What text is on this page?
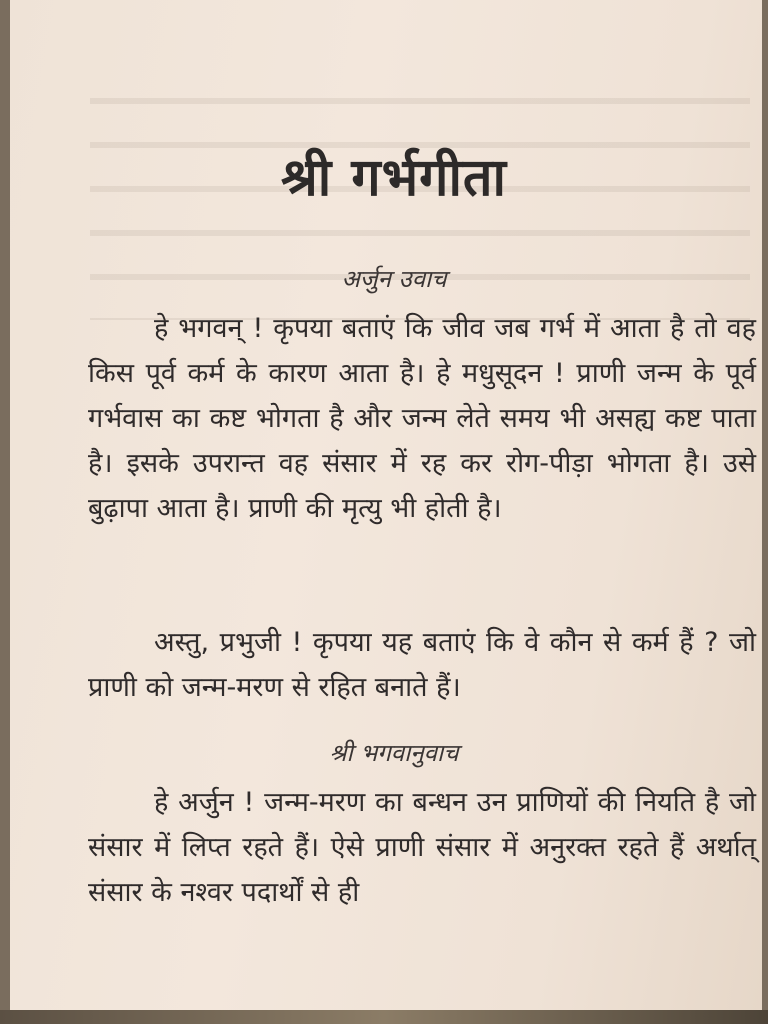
श्री गर्भगीता
अर्जुन उवाच

हे भगवन् ! कृपया बताएं कि जीव जब गर्भ में आता है तो वह किस पूर्व कर्म के कारण आता है। हे मधुसूदन ! प्राणी जन्म के पूर्व गर्भवास का कष्ट भोगता है और जन्म लेते समय भी असह्य कष्ट पाता है। इसके उपरान्त वह संसार में रह कर रोग-पीड़ा भोगता है। उसे बुढ़ापा आता है। प्राणी की मृत्यु भी होती है।

अस्तु, प्रभुजी ! कृपया यह बताएं कि वे कौन से कर्म हैं ? जो प्राणी को जन्म-मरण से रहित बनाते हैं।

श्री भगवानुवाच

हे अर्जुन ! जन्म-मरण का बन्धन उन प्राणियों की नियति है जो संसार में लिप्त रहते हैं। ऐसे प्राणी संसार में अनुरक्त रहते हैं अर्थात् संसार के नश्वर पदार्थों से ही
